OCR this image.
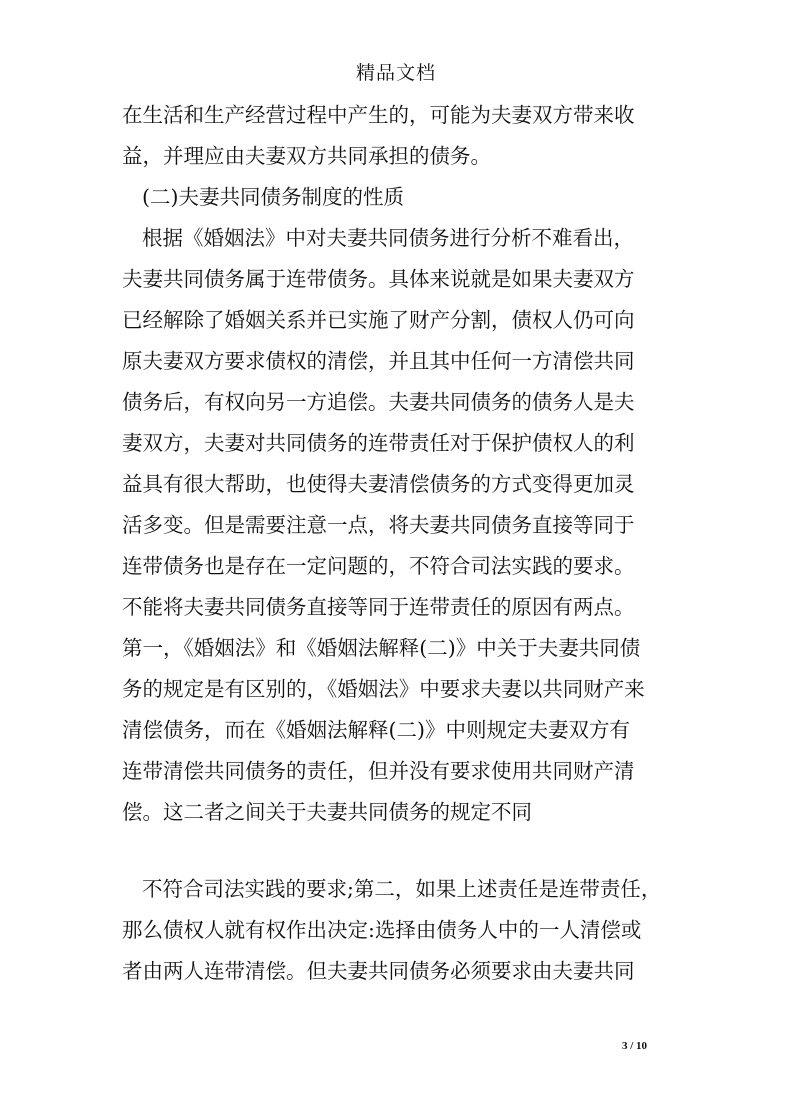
精品文档
在生活和生产经营过程中产生的，可能为夫妻双方带来收
益，并理应由夫妻双方共同承担的债务。
(二)夫妻共同债务制度的性质
根据《婚姻法》中对夫妻共同债务进行分析不难看出，
夫妻共同债务属于连带债务。具体来说就是如果夫妻双方
已经解除了婚姻关系并已实施了财产分割，债权人仍可向
原夫妻双方要求债权的清偿，并且其中任何一方清偿共同
债务后，有权向另一方追偿。夫妻共同债务的债务人是夫
妻双方，夫妻对共同债务的连带责任对于保护债权人的利
益具有很大帮助，也使得夫妻清偿债务的方式变得更加灵
活多变。但是需要注意一点，将夫妻共同债务直接等同于
连带债务也是存在一定问题的，不符合司法实践的要求。
不能将夫妻共同债务直接等同于连带责任的原因有两点。
第一，《婚姻法》和《婚姻法解释(二)》中关于夫妻共同债
务的规定是有区别的，《婚姻法》中要求夫妻以共同财产来
清偿债务，而在《婚姻法解释(二)》中则规定夫妻双方有
连带清偿共同债务的责任，但并没有要求使用共同财产清
偿。这二者之间关于夫妻共同债务的规定不同
不符合司法实践的要求;第二，如果上述责任是连带责任，
那么债权人就有权作出决定:选择由债务人中的一人清偿或
者由两人连带清偿。但夫妻共同债务必须要求由夫妻共同
3 / 10
